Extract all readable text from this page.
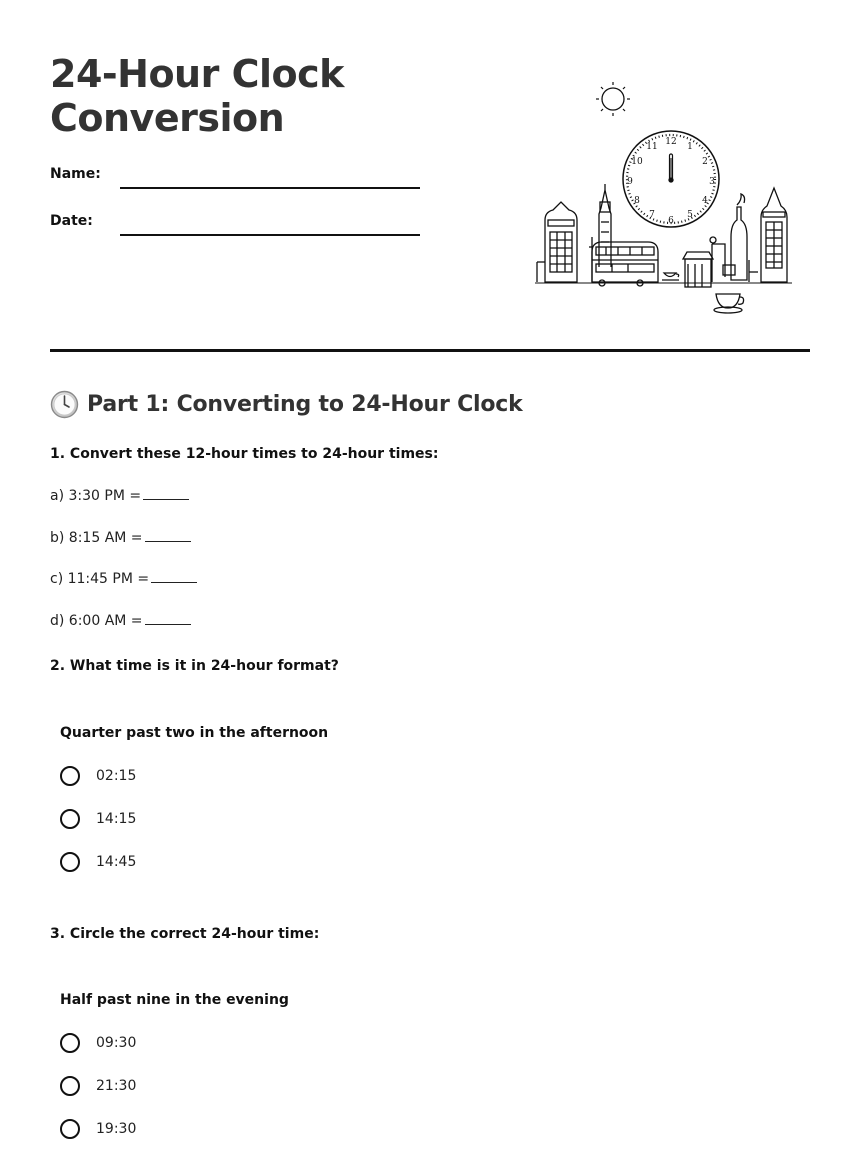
24-Hour Clock Conversion
Name:
Date:
12 1
2
3
4
5
6
7
8
9
10
11
Part 1: Converting to 24-Hour Clock
1. Convert these 12-hour times to 24-hour times:
a) 3:30 PM =
b) 8:15 AM =
c) 11:45 PM =
d) 6:00 AM =
2. What time is it in 24-hour format?
Quarter past two in the afternoon
02:15
14:15
14:45
3. Circle the correct 24-hour time:
Half past nine in the evening
09:30
21:30
19:30
